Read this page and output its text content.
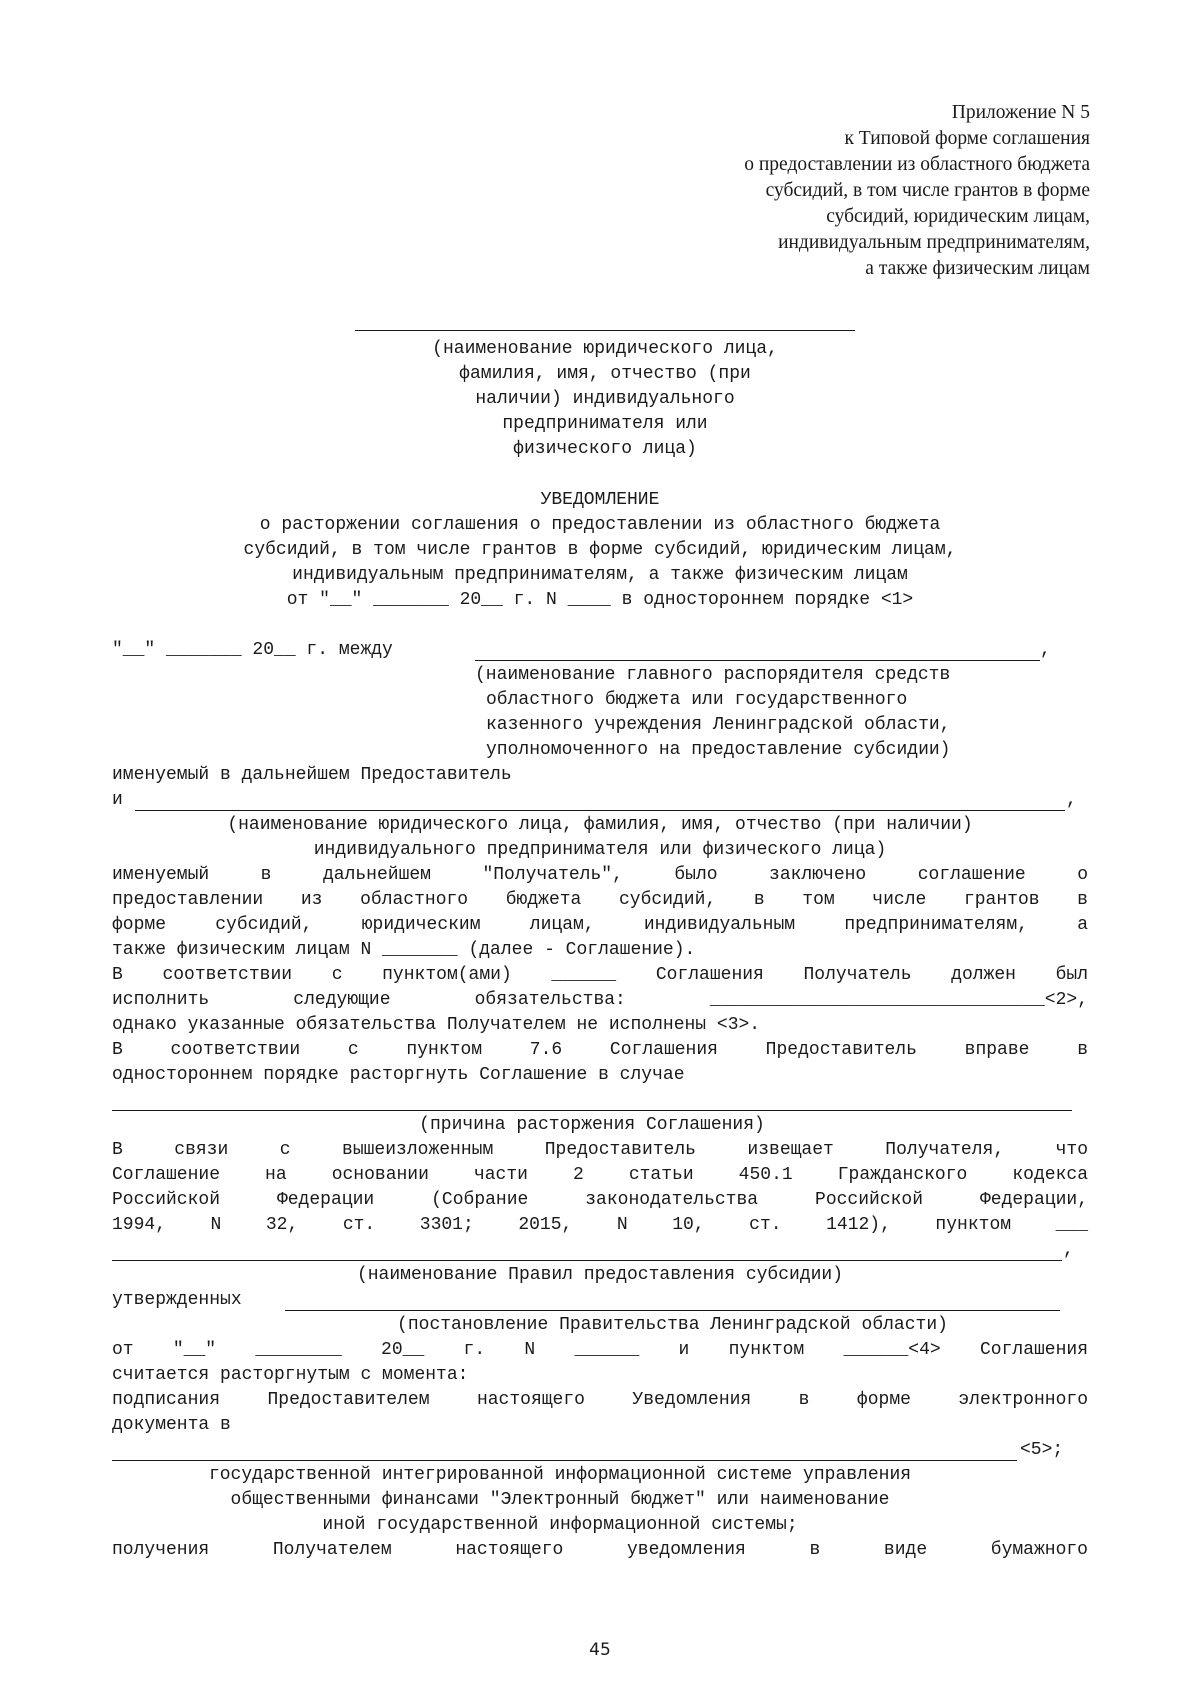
Приложение N 5
к Типовой форме соглашения
о предоставлении из областного бюджета
субсидий, в том числе грантов в форме
субсидий, юридическим лицам,
индивидуальным предпринимателям,
а также физическим лицам
(наименование юридического лица,
фамилия, имя, отчество (при
наличии) индивидуального
предпринимателя или
физического лица)
УВЕДОМЛЕНИЕ
о расторжении соглашения о предоставлении из областного бюджета
субсидий, в том числе грантов в форме субсидий, юридическим лицам,
индивидуальным предпринимателям, а также физическим лицам
от "__" _______ 20__ г. N ____ в одностороннем порядке <1>
"__" _______ 20__ г. между	,
(наименование главного распорядителя средств
областного бюджета или государственного
казенного учреждения Ленинградской области,
уполномоченного на предоставление субсидии)
именуемый в дальнейшем Предоставитель
и	,
(наименование юридического лица, фамилия, имя, отчество (при наличии)
индивидуального предпринимателя или физического лица)
именуемый в дальнейшем "Получатель", было заключено соглашение о
предоставлении из областного бюджета субсидий, в том числе грантов в
форме субсидий, юридическим лицам, индивидуальным предпринимателям, а
также физическим лицам N _______ (далее - Соглашение).
В соответствии с пунктом(ами) ______ Соглашения Получатель должен был
исполнить следующие обязательства: _______________________________<2>,
однако указанные обязательства Получателем не исполнены <3>.
В соответствии с пунктом 7.6 Соглашения Предоставитель вправе в
одностороннем порядке расторгнуть Соглашение в случае
(причина расторжения Соглашения)
В связи с вышеизложенным Предоставитель извещает Получателя, что
Соглашение на основании части 2 статьи 450.1 Гражданского кодекса
Российской Федерации (Собрание законодательства Российской Федерации,
1994, N 32, ст. 3301; 2015, N 10, ст. 1412), пунктом ___
,
(наименование Правил предоставления субсидии)
утвержденных
(постановление Правительства Ленинградской области)
от "__" ________ 20__ г. N ______ и пунктом ______<4> Соглашения
считается расторгнутым с момента:
подписания Предоставителем настоящего Уведомления в форме электронного
документа в
<5>;
государственной интегрированной информационной системе управления
общественными финансами "Электронный бюджет" или наименование
иной государственной информационной системы;
получения Получателем настоящего уведомления в виде бумажного
45
